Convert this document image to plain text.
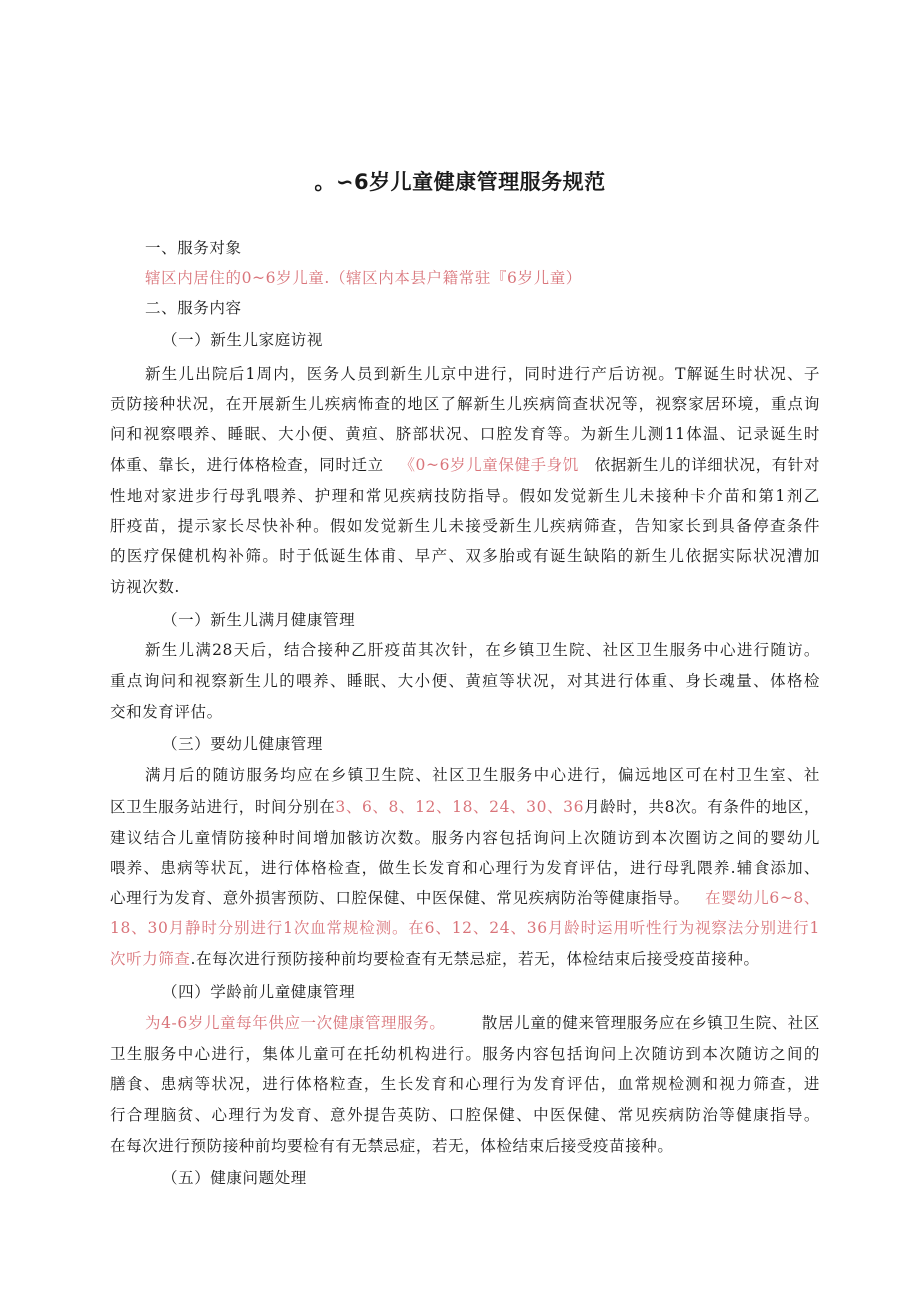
。∽6岁儿童健康管理服务规范
一、服务对象
辖区内居住的0~6岁儿童.（辖区内本县户籍常驻『6岁儿童）
二、服务内容
（一）新生儿家庭访视
新生儿出院后1周内，医务人员到新生儿京中进行，同时进行产后访视。T解诞生时状况、子
贡防接种状况，在开展新生儿疾病怖查的地区了解新生儿疾病筒查状况等，视察家居环境，重点询
问和视察喂养、睡眠、大小便、黄疸、脐部状况、口腔发育等。为新生儿测11体温、记录诞生时
体重、靠长，进行体格检查，同时迁立 《0~6岁儿童保健手身饥 依据新生儿的详细状况，有针对
性地对家进步行母乳喂养、护理和常见疾病技防指导。假如发觉新生儿未接种卡介苗和第1剂乙
肝疫苗，提示家长尽快补种。假如发觉新生儿未接受新生儿疾病筛查，告知家长到具备停查条件
的医疗保健机构补筛。时于低诞生体甫、早产、双多胎或有诞生缺陷的新生儿依据实际状况漕加
访视次数.
（一）新生儿满月健康管理
新生儿满28天后，结合接种乙肝疫苗其次针，在乡镇卫生院、社区卫生服务中心进行随访。
重点询问和视察新生儿的喂养、睡眠、大小便、黄疸等状况，对其进行体重、身长魂量、体格检
交和发育评估。
（三）要幼儿健康管理
满月后的随访服务均应在乡镇卫生院、社区卫生服务中心进行，偏远地区可在村卫生室、社
区卫生服务站进行，时间分别在 3、6、8、12、18、24、30、36 月龄时，共8次。有条件的地区，
建议结合儿童情防接种时间增加骸访次数。服务内容包括询问上次随访到本次圈访之间的婴幼儿
喂养、患病等状瓦，进行体格检查，做生长发育和心理行为发育评估，进行母乳隈养.辅食添加、
心理行为发育、意外损害预防、口腔保健、中医保健、常见疾病防治等健康指导。 在婴幼儿6~8、
18、30月静时分别进行1次血常规检测。在6、12、24、36月龄时运用听性行为视察法分别进行1
次听力筛查.在每次进行预防接种前均要检查有无禁忌症，若无，体检结束后接受疫苗接种。
（四）学龄前儿童健康管理
为4-6岁儿童每年供应一次健康管理服务。 散居儿童的健来管理服务应在乡镇卫生院、社区
卫生服务中心进行，集体儿童可在托幼机构进行。服务内容包括询问上次随访到本次随访之间的
膳食、患病等状况，进行体格粒查，生长发育和心理行为发育评估，血常规检测和视力筛查，进
行合理脑贫、心理行为发育、意外提告英防、口腔保健、中医保健、常见疾病防治等健康指导。
在每次进行预防接种前均要检有有无禁忌症，若无，体检结束后接受疫苗接种。
（五）健康问题处理
